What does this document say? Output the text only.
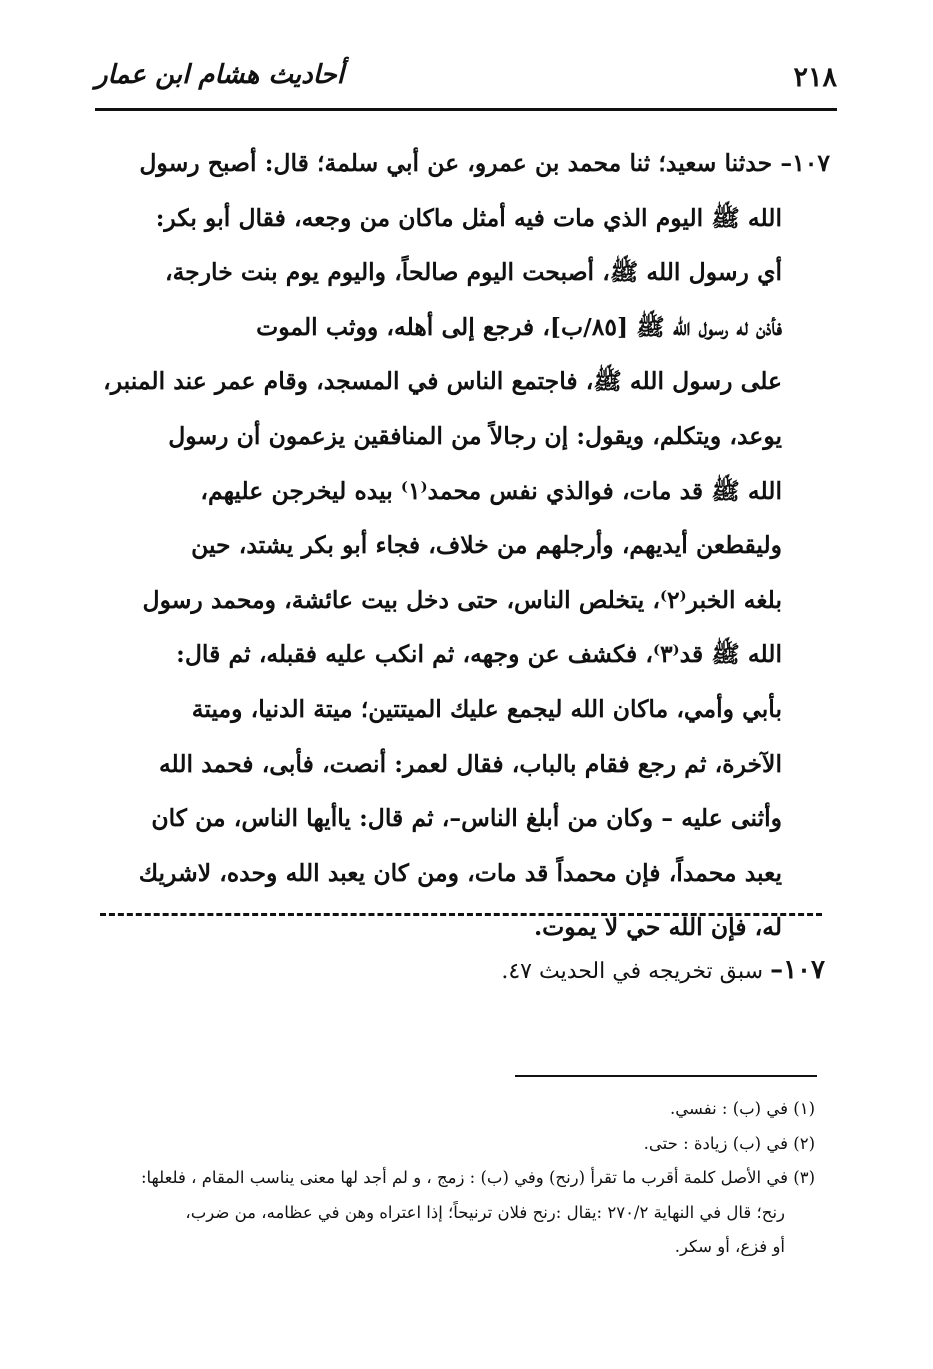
٢١٨
أحاديث هشام ابن عمار
١٠٧– حدثنا سعيد؛ ثنا محمد بن عمرو، عن أبي سلمة؛ قال: أصبح رسول
الله ﷺ اليوم الذي مات فيه أمثل ماكان من وجعه، فقال أبو بكر:
أي رسول الله ﷺ، أصبحت اليوم صالحاً، واليوم يوم بنت خارجة،
فأذن له رسول الله ﷺ [٨٥/ب]، فرجع إلى أهله، ووثب الموت
على رسول الله ﷺ، فاجتمع الناس في المسجد، وقام عمر عند المنبر،
يوعد، ويتكلم، ويقول: إن رجالاً من المنافقين يزعمون أن رسول
الله ﷺ قد مات، فوالذي نفس محمد⁽١⁾ بيده ليخرجن عليهم،
وليقطعن أيديهم، وأرجلهم من خلاف، فجاء أبو بكر يشتد، حين
بلغه الخبر⁽٢⁾، يتخلص الناس، حتى دخل بيت عائشة، ومحمد رسول
الله ﷺ قد⁽٣⁾، فكشف عن وجهه، ثم انكب عليه فقبله، ثم قال:
بأبي وأمي، ماكان الله ليجمع عليك الميتتين؛ ميتة الدنيا، وميتة
الآخرة، ثم رجع فقام بالباب، فقال لعمر: أنصت، فأبى، فحمد الله
وأثنى عليه – وكان من أبلغ الناس–، ثم قال: ياأيها الناس، من كان
يعبد محمداً، فإن محمداً قد مات، ومن كان يعبد الله وحده، لاشريك
له، فإن الله حي لا يموت.
١٠٧– سبق تخريجه في الحديث ٤٧.
(١) في (ب) : نفسي.
(٢) في (ب) زيادة : حتى.
(٣) في الأصل كلمة أقرب ما تقرأ (رنح) وفي (ب) : زمج ، و لم أجد لها معنى يناسب المقام ، فلعلها:
رنح؛ قال في النهاية ٢٧٠/٢ :يقال :رنح فلان ترنيحاً؛ إذا اعتراه وهن في عظامه، من ضرب،
أو فزع، أو سكر.
